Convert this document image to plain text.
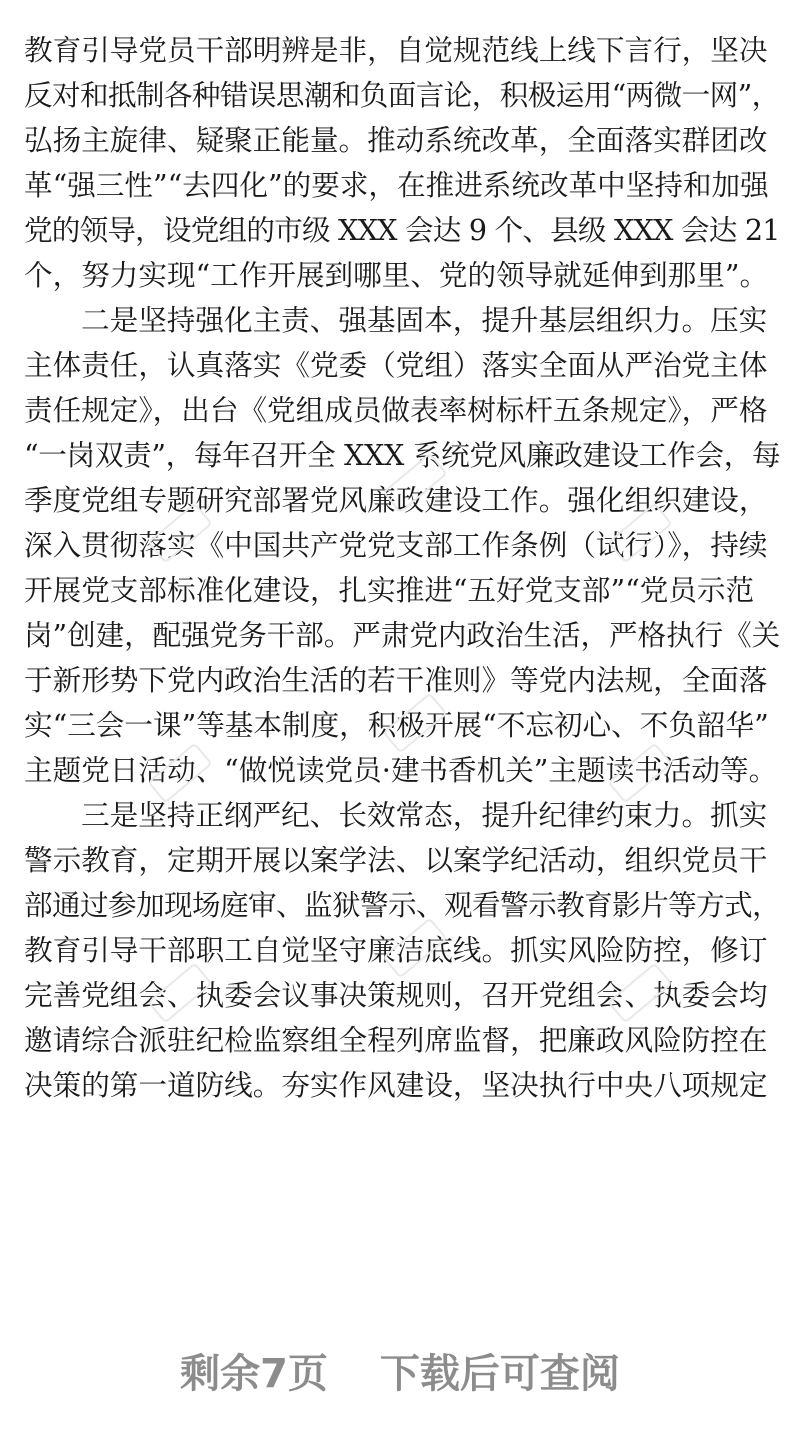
教育引导党员干部明辨是非，自觉规范线上线下言行，坚决
反对和抵制各种错误思潮和负面言论，积极运用“两微一网”，
弘扬主旋律、疑聚正能量。推动系统改革，全面落实群团改
革“强三性”“去四化”的要求，在推进系统改革中坚持和加强
党的领导，设党组的市级 XXX 会达 9 个、县级 XXX 会达 21
个，努力实现“工作开展到哪里、党的领导就延伸到那里”。
二是坚持强化主责、强基固本，提升基层组织力。压实
主体责任，认真落实《党委（党组）落实全面从严治党主体
责任规定》，出台《党组成员做表率树标杆五条规定》，严格
“一岗双责”，每年召开全 XXX 系统党风廉政建设工作会，每
季度党组专题研究部署党风廉政建设工作。强化组织建设，
深入贯彻落实《中国共产党党支部工作条例（试行）》，持续
开展党支部标准化建设，扎实推进“五好党支部”“党员示范
岗”创建，配强党务干部。严肃党内政治生活，严格执行《关
于新形势下党内政治生活的若干准则》等党内法规，全面落
实“三会一课”等基本制度，积极开展“不忘初心、不负韶华”
主题党日活动、“做悦读党员·建书香机关”主题读书活动等。
三是坚持正纲严纪、长效常态，提升纪律约束力。抓实
警示教育，定期开展以案学法、以案学纪活动，组织党员干
部通过参加现场庭审、监狱警示、观看警示教育影片等方式，
教育引导干部职工自觉坚守廉洁底线。抓实风险防控，修订
完善党组会、执委会议事决策规则，召开党组会、执委会均
邀请综合派驻纪检监察组全程列席监督，把廉政风险防控在
决策的第一道防线。夯实作风建设，坚决执行中央八项规定
剩余7页 下载后可查阅
